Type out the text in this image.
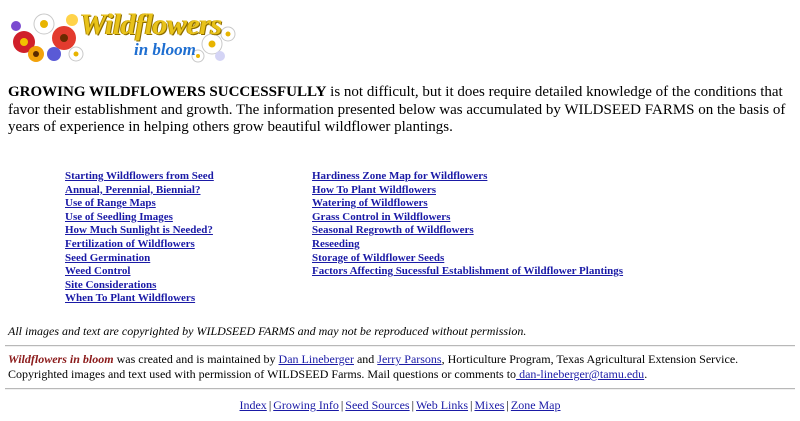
Wildflowers
in bloom

GROWING WILDFLOWERS SUCCESSFULLY is not difficult, but it does require detailed knowledge of the conditions that favor their establishment and growth. The information presented below was accumulated by WILDSEED FARMS on the basis of years of experience in helping others grow beautiful wildflower plantings.

Starting Wildflowers from Seed
Annual, Perennial, Biennial?
Use of Range Maps
Use of Seedling Images
How Much Sunlight is Needed?
Fertilization of Wildflowers
Seed Germination
Weed Control
Site Considerations
When To Plant Wildflowers
Hardiness Zone Map for Wildflowers
How To Plant Wildflowers
Watering of Wildflowers
Grass Control in Wildflowers
Seasonal Regrowth of Wildflowers
Reseeding
Storage of Wildflower Seeds
Factors Affecting Sucessful Establishment of Wildflower Plantings

All images and text are copyrighted by WILDSEED FARMS and may not be reproduced without permission.

Wildflowers in bloom was created and is maintained by Dan Lineberger and Jerry Parsons, Horticulture Program, Texas Agricultural Extension Service. Copyrighted images and text used with permission of WILDSEED Farms. Mail questions or comments to dan-lineberger@tamu.edu.

Index | Growing Info | Seed Sources | Web Links | Mixes | Zone Map
